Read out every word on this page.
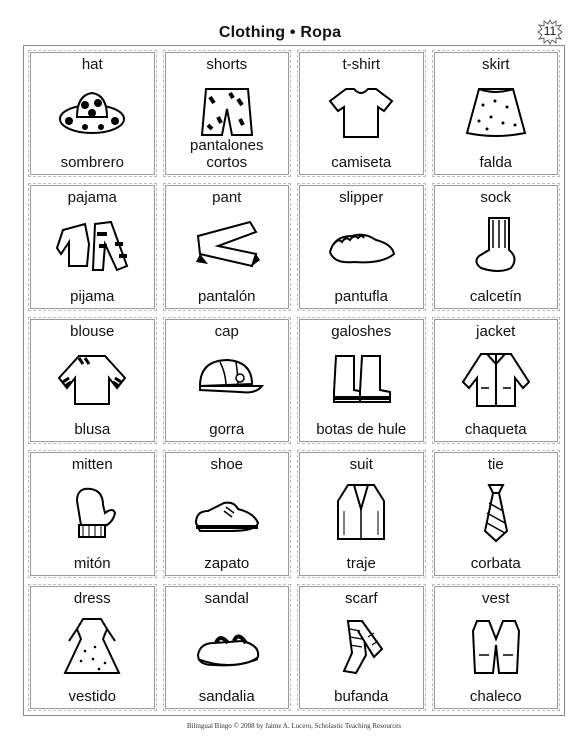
Clothing • Ropa	11
hat
sombrero
shorts
pantalones cortos
t-shirt
camiseta
skirt
falda
pajama
pijama
pant
pantalón
slipper
pantufla
sock
calcetín
blouse
blusa
cap
gorra
galoshes
botas de hule
jacket
chaqueta
mitten
mitón
shoe
zapato
suit
traje
tie
corbata
dress
vestido
sandal
sandalia
scarf
bufanda
vest
chaleco
Bilingual Bingo © 2008 by Jaime A. Lucero, Scholastic Teaching Resources
